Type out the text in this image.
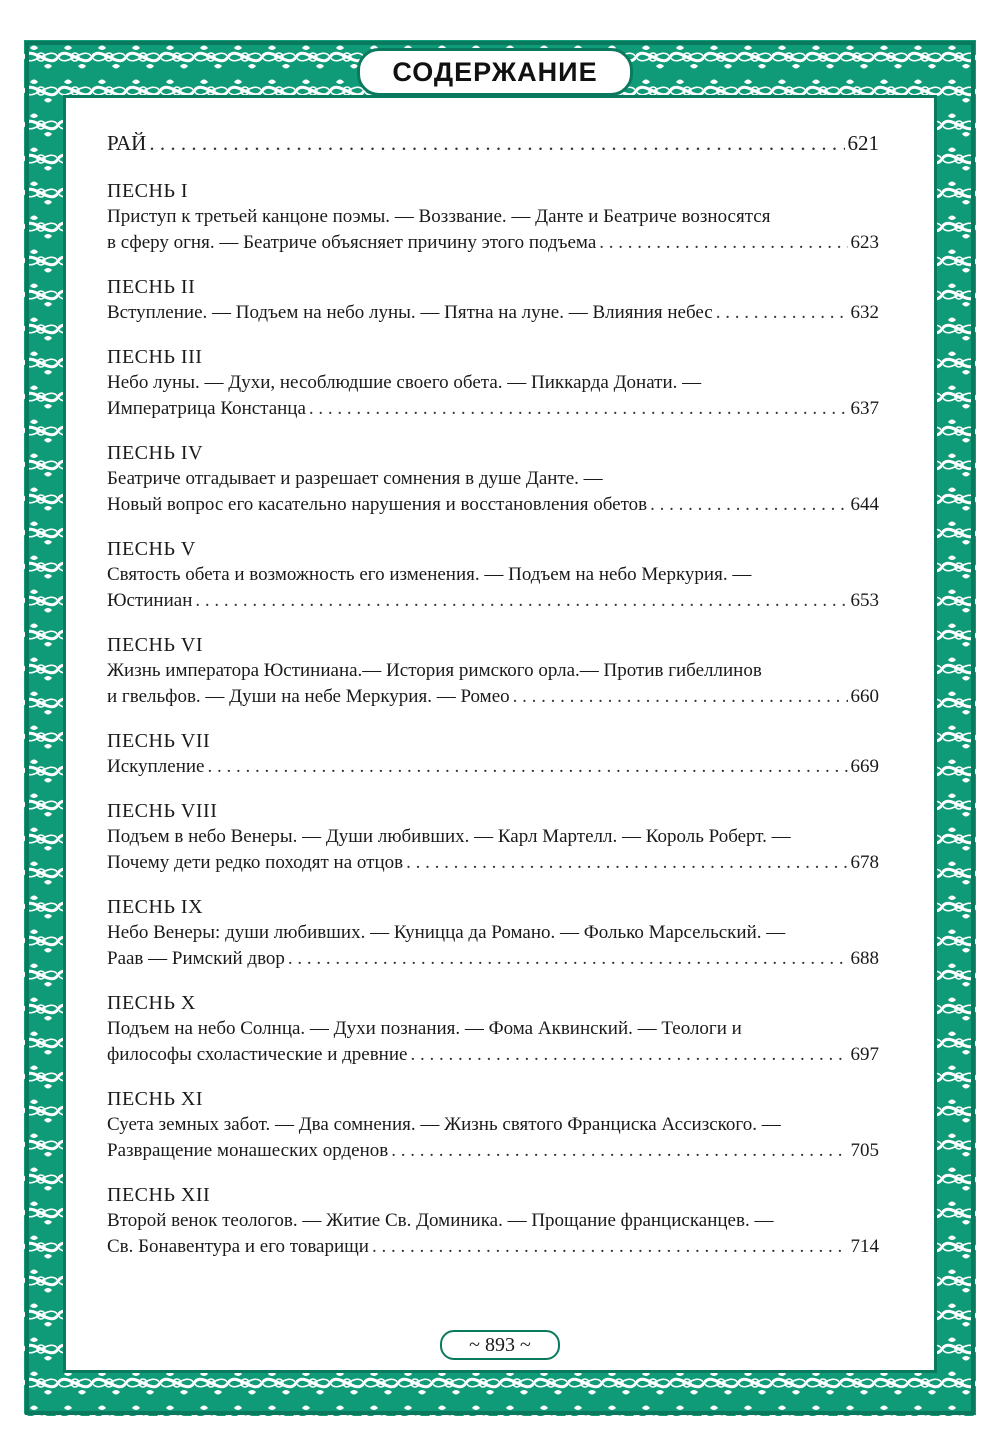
СОДЕРЖАНИЕ
РАЙ . . .	621
ПЕСНЬ I
Приступ к третьей канцоне поэмы. — Воззвание. — Данте и Беатриче возносятся
в сферу огня. — Беатриче объясняет причину этого подъема . . .	623
ПЕСНЬ II
Вступление. — Подъем на небо луны. — Пятна на луне. — Влияния небес . . .	632
ПЕСНЬ III
Небо луны. — Духи, несоблюдшие своего обета. — Пиккарда Донати. —
Императрица Констанца . . .	637
ПЕСНЬ IV
Беатриче отгадывает и разрешает сомнения в душе Данте. —
Новый вопрос его касательно нарушения и восстановления обетов . . .	644
ПЕСНЬ V
Святость обета и возможность его изменения. — Подъем на небо Меркурия. —
Юстиниан . . .	653
ПЕСНЬ VI
Жизнь императора Юстиниана.— История римского орла.— Против гибеллинов
и гвельфов. — Души на небе Меркурия. — Ромео . . .	660
ПЕСНЬ VII
Искупление . . .	669
ПЕСНЬ VIII
Подъем в небо Венеры. — Души любивших. — Карл Мартелл. — Король Роберт. —
Почему дети редко походят на отцов . . .	678
ПЕСНЬ IX
Небо Венеры: души любивших. — Куницца да Романо. — Фолько Марсельский. —
Раав — Римский двор . . .	688
ПЕСНЬ X
Подъем на небо Солнца. — Духи познания. — Фома Аквинский. — Теологи и
философы схоластические и древние . . .	697
ПЕСНЬ XI
Суета земных забот. — Два сомнения. — Жизнь святого Франциска Ассизского. —
Развращение монашеских орденов . . .	705
ПЕСНЬ XII
Второй венок теологов. — Житие Св. Доминика. — Прощание францисканцев. —
Св. Бонавентура и его товарищи . . .	714
~ 893 ~
